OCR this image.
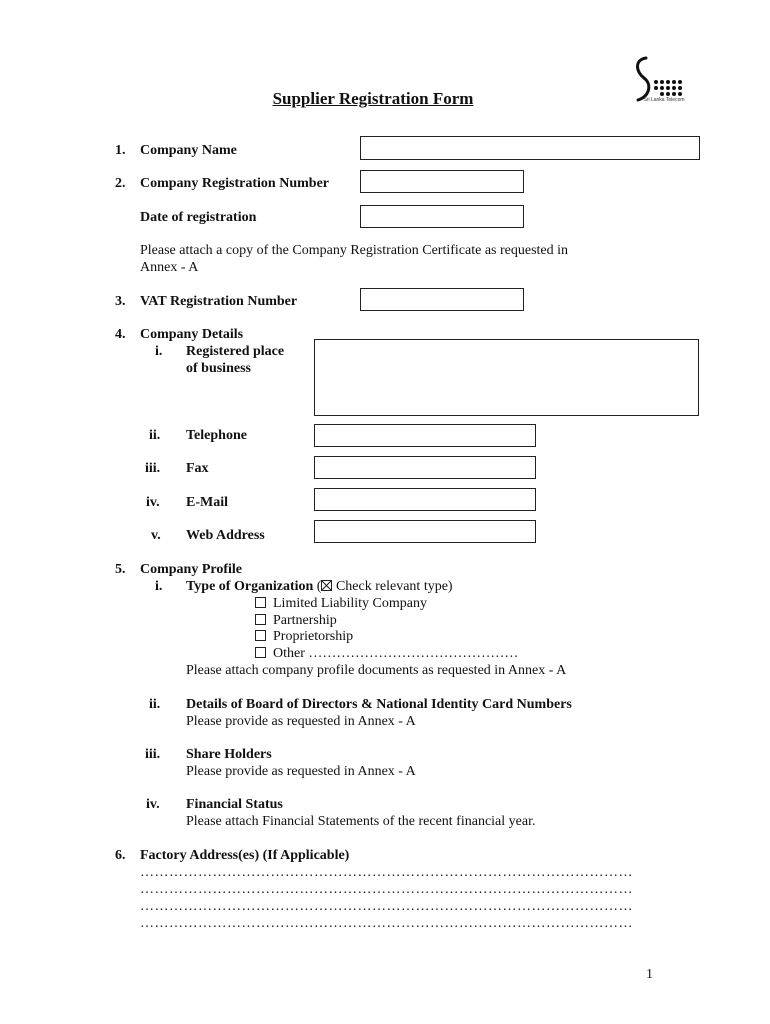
Sri Lanka Telecom
Supplier Registration Form
1. Company Name
2. Company Registration Number
Date of registration
Please attach a copy of the Company Registration Certificate as requested in
Annex - A
3. VAT Registration Number
4. Company Details
i. Registered place
of business
ii. Telephone
iii. Fax
iv. E-Mail
v. Web Address
5. Company Profile
i. Type of Organization ( Check relevant type)
Limited Liability Company
Partnership
Proprietorship
Other ………………………………………
Please attach company profile documents as requested in Annex - A
ii. Details of Board of Directors & National Identity Card Numbers
Please provide as requested in Annex - A
iii. Share Holders
Please provide as requested in Annex - A
iv. Financial Status
Please attach Financial Statements of the recent financial year.
6. Factory Address(es) (If Applicable)
…………………………………………………………………………………………
…………………………………………………………………………………………
…………………………………………………………………………………………
…………………………………………………………………………………………
1
